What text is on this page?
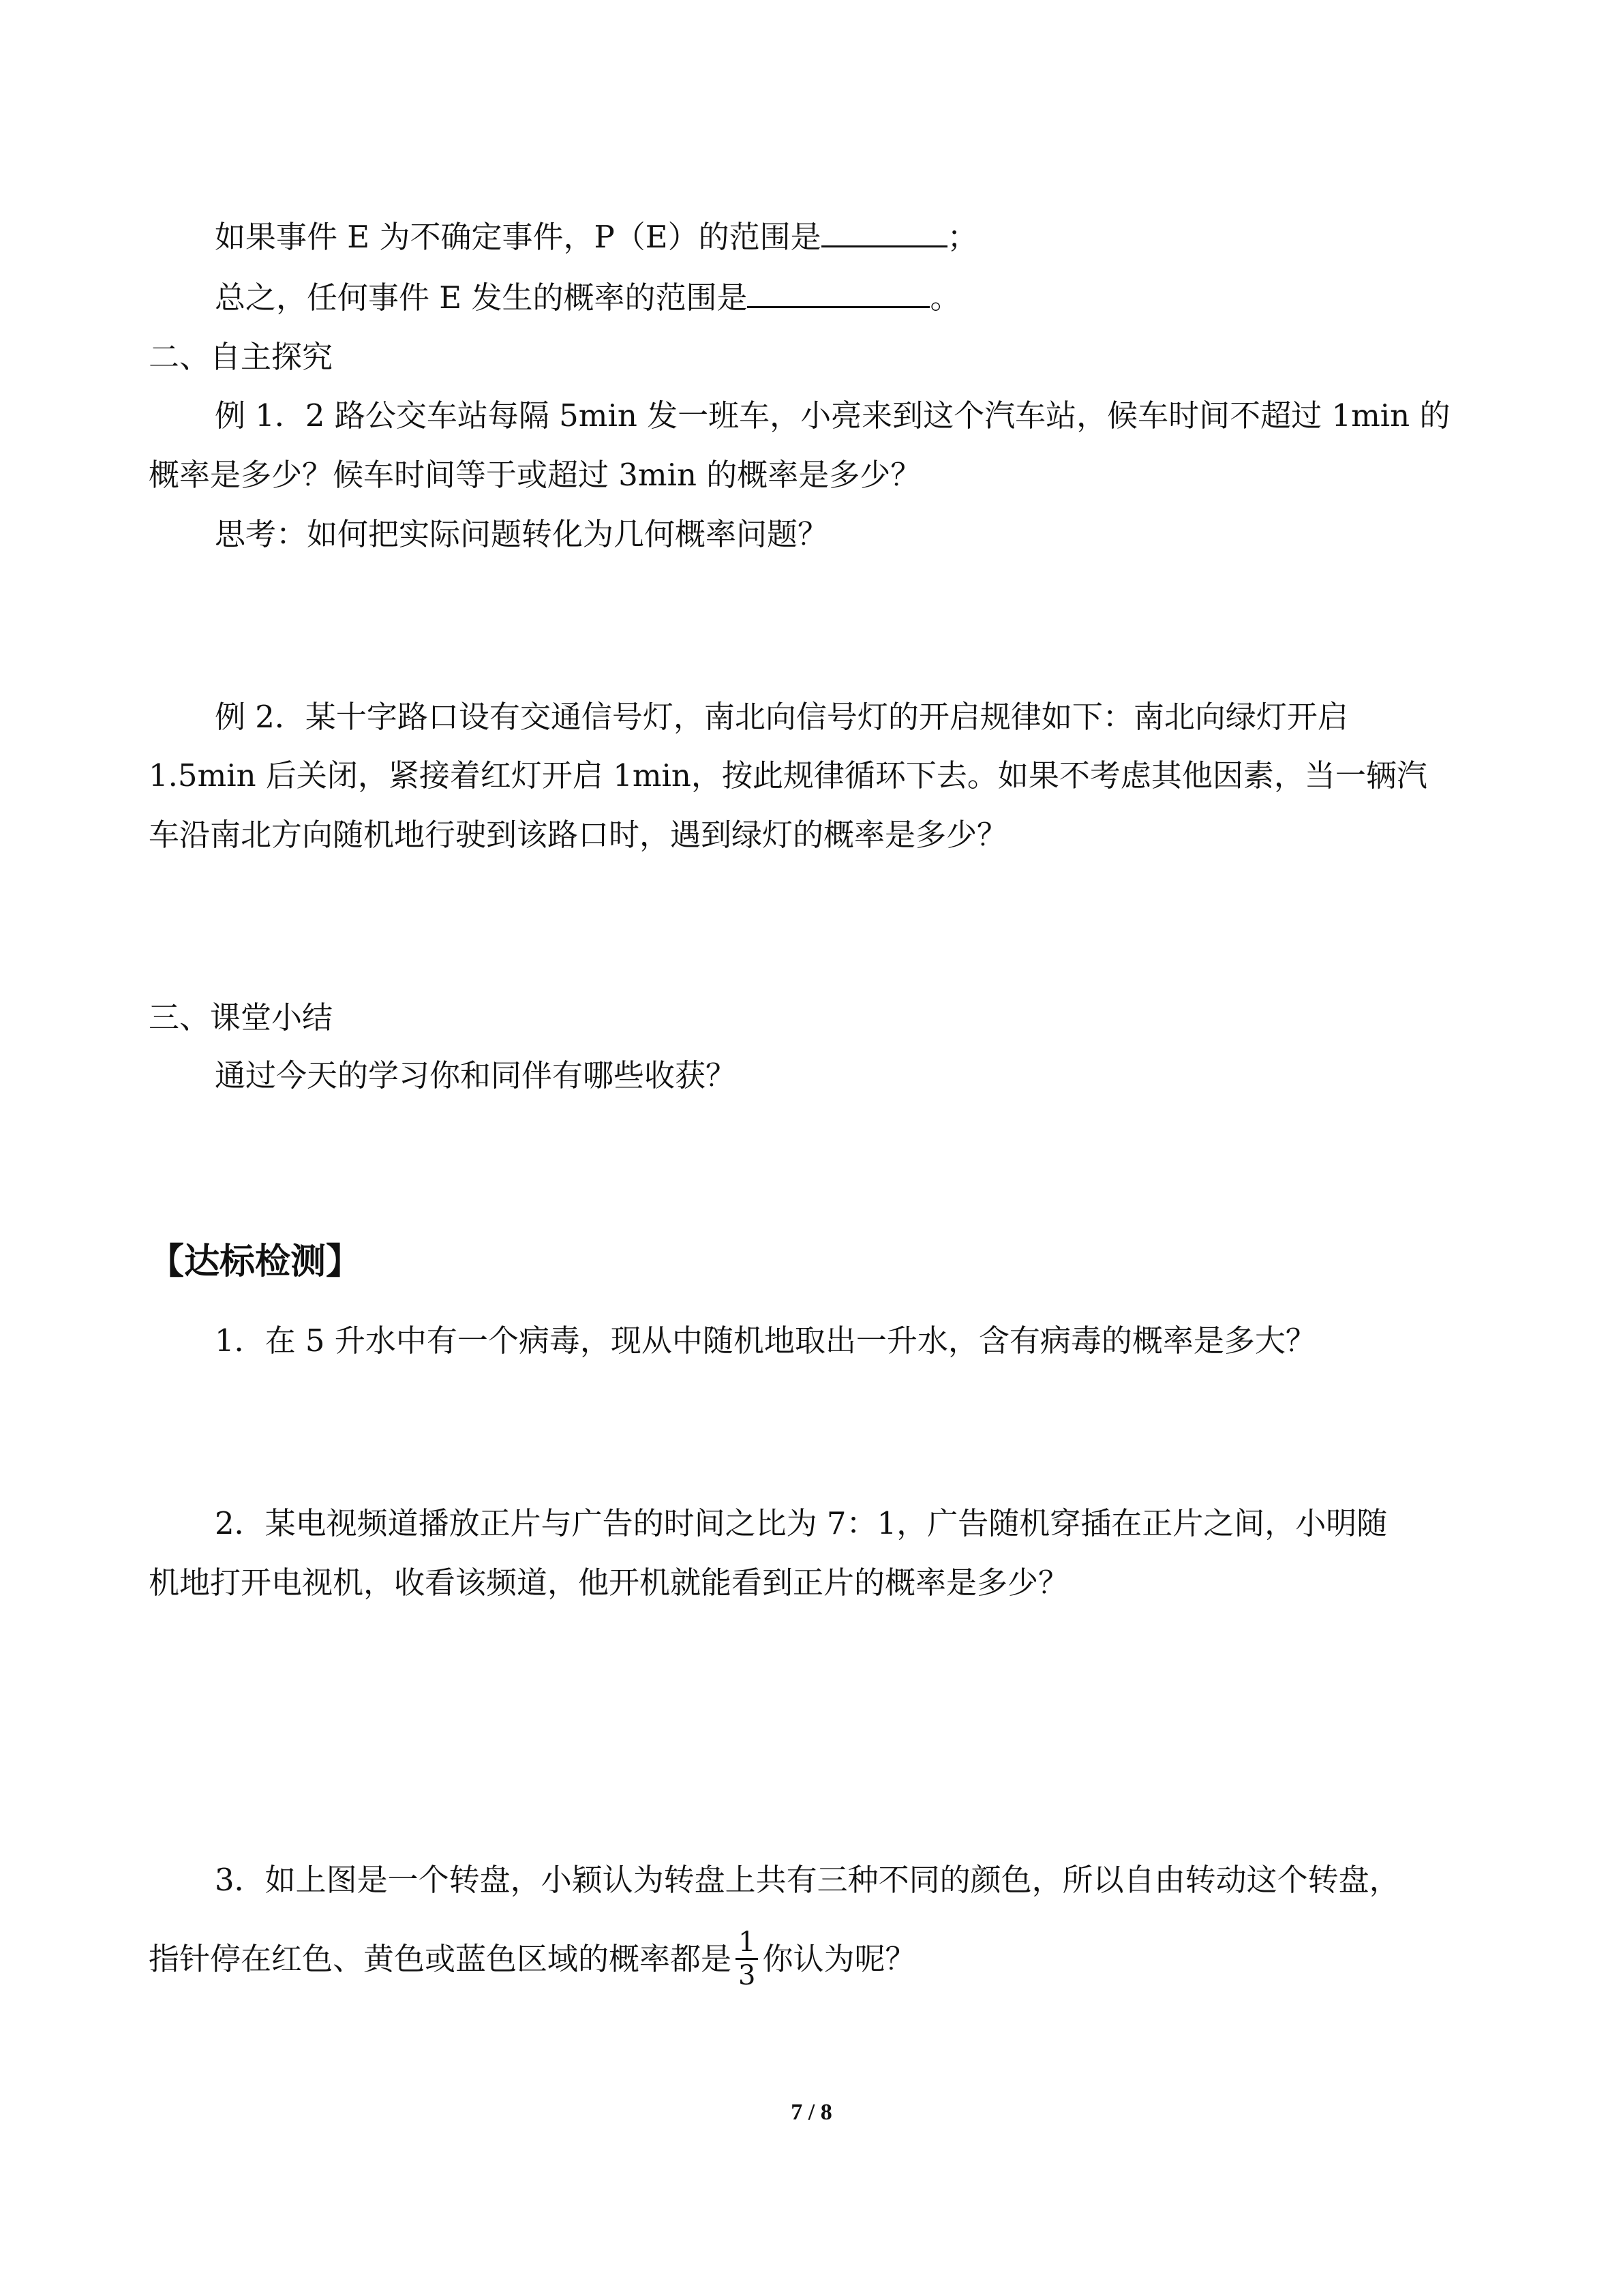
如果事件 E 为不确定事件，P（E）的范围是	；
总之，任何事件 E 发生的概率的范围是	。
二、自主探究
例 1．2 路公交车站每隔 5min 发一班车，小亮来到这个汽车站，候车时间不超过 1min 的
概率是多少？候车时间等于或超过 3min 的概率是多少？
思考：如何把实际问题转化为几何概率问题？
例 2．某十字路口设有交通信号灯，南北向信号灯的开启规律如下：南北向绿灯开启
1.5min 后关闭，紧接着红灯开启 1min，按此规律循环下去。如果不考虑其他因素，当一辆汽
车沿南北方向随机地行驶到该路口时，遇到绿灯的概率是多少？
三、课堂小结
通过今天的学习你和同伴有哪些收获？
【达标检测】
1．在 5 升水中有一个病毒，现从中随机地取出一升水，含有病毒的概率是多大？
2．某电视频道播放正片与广告的时间之比为 7：1，广告随机穿插在正片之间，小明随
机地打开电视机，收看该频道，他开机就能看到正片的概率是多少？
3．如上图是一个转盘，小颖认为转盘上共有三种不同的颜色，所以自由转动这个转盘，
指针停在红色、黄色或蓝色区域的概率都是 $\frac{1}{3}$ 你认为呢？
7 / 8
